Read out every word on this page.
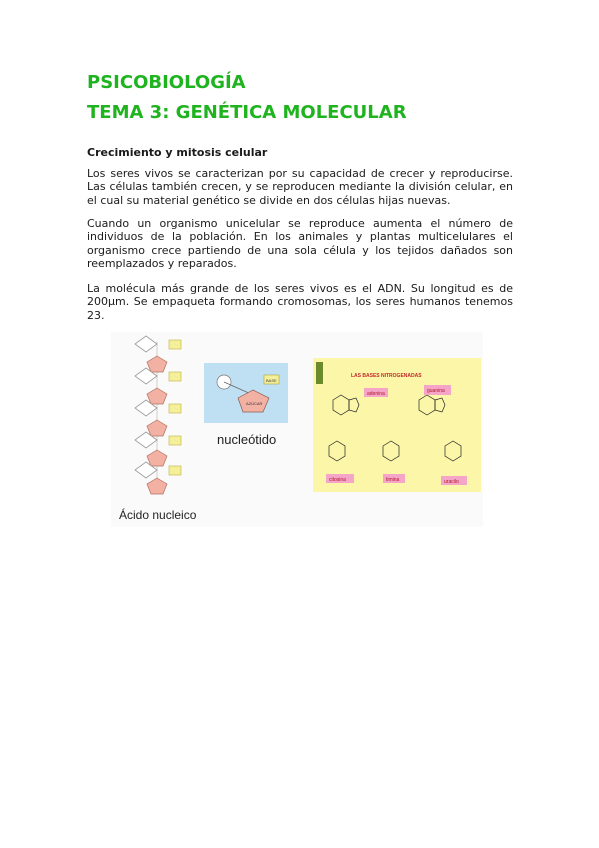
PSICOBIOLOGÍA
TEMA 3: GENÉTICA MOLECULAR
Crecimiento y mitosis celular

Los seres vivos se caracterizan por su capacidad de crecer y reproducirse. Las células también crecen, y se reproducen mediante la división celular, en el cual su material genético se divide en dos células hijas nuevas.

Cuando un organismo unicelular se reproduce aumenta el número de individuos de la población. En los animales y plantas multicelulares el organismo crece partiendo de una sola célula y los tejidos dañados son reemplazados y reparados.

La molécula más grande de los seres vivos es el ADN. Su longitud es de 200µm. Se empaqueta formando cromosomas, los seres humanos tenemos 23.

Ácido nucleico
BASE
AZÚCAR
nucleótido
LAS BASES NITROGENADAS
adenina	guanina
citosina	timina	uracilo
